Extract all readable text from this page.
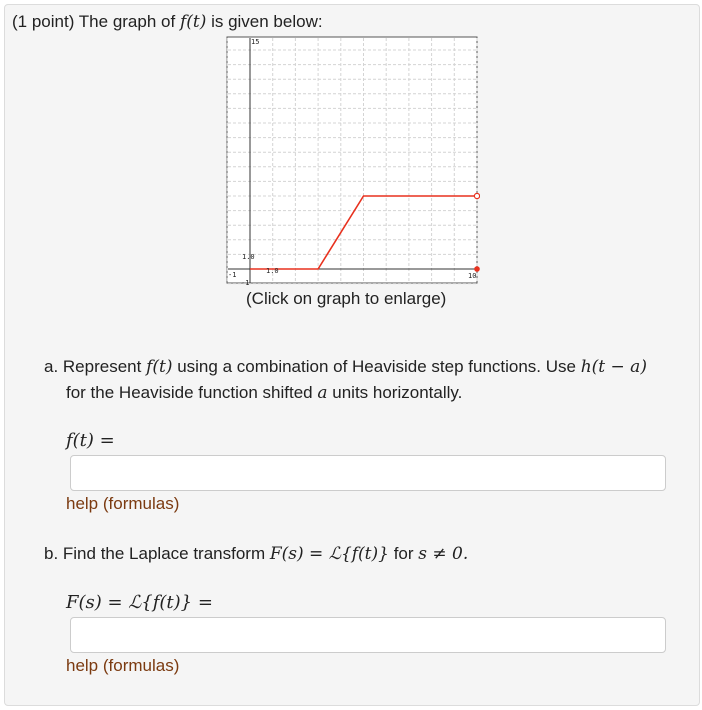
(1 point) The graph of f(t) is given below:
15
1.0
1.0
10
-1
-1
(Click on graph to enlarge)
a. Represent f(t) using a combination of Heaviside step functions. Use h(t − a)
for the Heaviside function shifted a units horizontally.
f(t) =
help (formulas)
b. Find the Laplace transform F(s) = ℒ{f(t)} for s ≠ 0.
F(s) = ℒ{f(t)} =
help (formulas)
